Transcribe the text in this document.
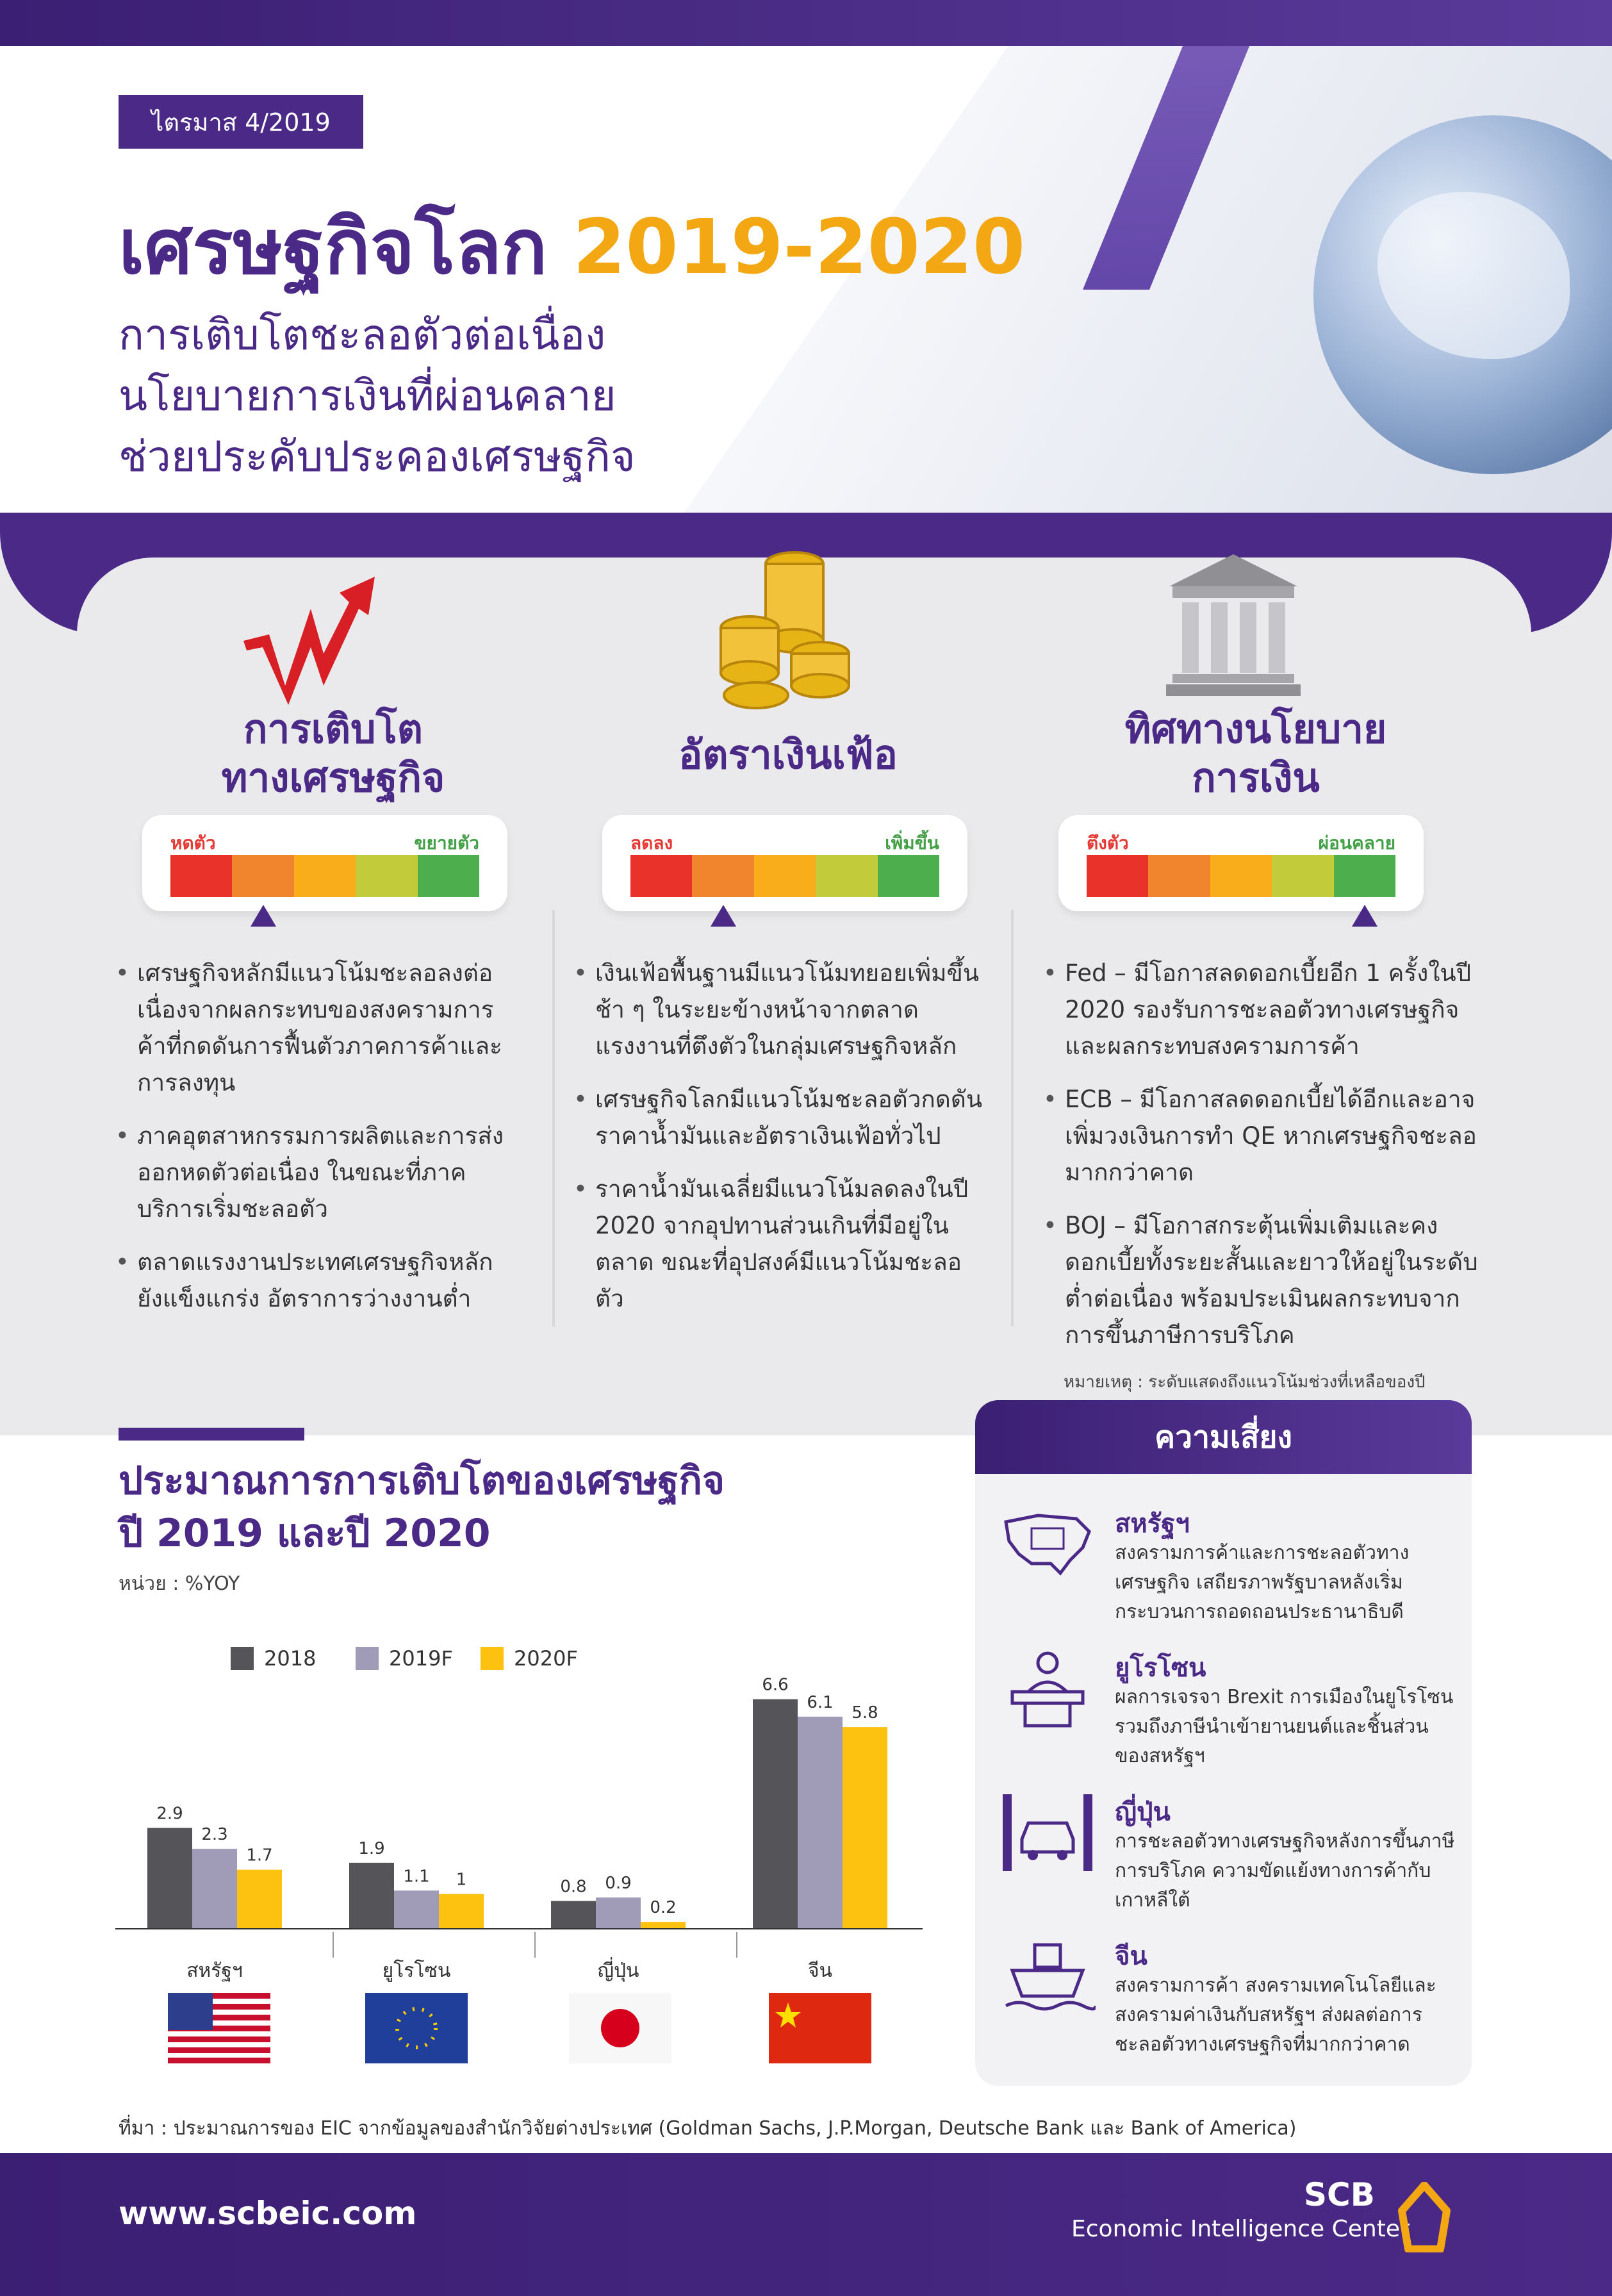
ไตรมาส 4/2019
เศรษฐกิจโลก 2019-2020
การเติบโตชะลอตัวต่อเนื่อง
นโยบายการเงินที่ผ่อนคลาย
ช่วยประคับประคองเศรษฐกิจ
การเติบโต
ทางเศรษฐกิจ	อัตราเงินเฟ้อ
ทิศทางนโยบาย
การเงิน
หดตัว	ขยายตัว	ลดลง	เพิ่มขึ้น	ตึงตัว	ผ่อนคลาย
• เศรษฐกิจหลักมีแนวโน้มชะลอลงต่อเนื่องจากผลกระทบของสงครามการค้าที่กดดันการฟื้นตัวภาคการค้าและการลงทุน
• ภาคอุตสาหกรรมการผลิตและการส่งออกหดตัวต่อเนื่อง ในขณะที่ภาคบริการเริ่มชะลอตัว
• ตลาดแรงงานประเทศเศรษฐกิจหลักยังแข็งแกร่ง อัตราการว่างงานต่ำ
• เงินเฟ้อพื้นฐานมีแนวโน้มทยอยเพิ่มขึ้นช้า ๆ ในระยะข้างหน้าจากตลาดแรงงานที่ตึงตัวในกลุ่มเศรษฐกิจหลัก
• เศรษฐกิจโลกมีแนวโน้มชะลอตัวกดดันราคาน้ำมันและอัตราเงินเฟ้อทั่วไป
• ราคาน้ำมันเฉลี่ยมีแนวโน้มลดลงในปี 2020 จากอุปทานส่วนเกินที่มีอยู่ในตลาด ขณะที่อุปสงค์มีแนวโน้มชะลอตัว
• Fed – มีโอกาสลดดอกเบี้ยอีก 1 ครั้งในปี 2020 รองรับการชะลอตัวทางเศรษฐกิจและผลกระทบสงครามการค้า
• ECB – มีโอกาสลดดอกเบี้ยได้อีกและอาจเพิ่มวงเงินการทำ QE หากเศรษฐกิจชะลอมากกว่าคาด
• BOJ – มีโอกาสกระตุ้นเพิ่มเติมและคงดอกเบี้ยทั้งระยะสั้นและยาวให้อยู่ในระดับต่ำต่อเนื่อง พร้อมประเมินผลกระทบจากการขึ้นภาษีการบริโภค
หมายเหตุ : ระดับแสดงถึงแนวโน้มช่วงที่เหลือของปี
ประมาณการการเติบโตของเศรษฐกิจ
ปี 2019 และปี 2020
หน่วย : %YOY
2018	2019F	2020F
2.9
2.3
1.7
สหรัฐฯ
1.9
1.1 1
ยูโรโซน
0.8 0.9
0.2
ญี่ปุ่น
6.6
6.1
5.8
จีน
ความเสี่ยง
สหรัฐฯ
สงครามการค้าและการชะลอตัวทางเศรษฐกิจ เสถียรภาพรัฐบาลหลังเริ่มกระบวนการถอดถอนประธานาธิบดี
ยูโรโซน
ผลการเจรจา Brexit การเมืองในยูโรโซน รวมถึงภาษีนำเข้ายานยนต์และชิ้นส่วนของสหรัฐฯ
ญี่ปุ่น
การชะลอตัวทางเศรษฐกิจหลังการขึ้นภาษีการบริโภค ความขัดแย้งทางการค้ากับเกาหลีใต้
จีน
สงครามการค้า สงครามเทคโนโลยีและสงครามค่าเงินกับสหรัฐฯ ส่งผลต่อการชะลอตัวทางเศรษฐกิจที่มากกว่าคาด
ที่มา : ประมาณการของ EIC จากข้อมูลของสำนักวิจัยต่างประเทศ (Goldman Sachs, J.P.Morgan, Deutsche Bank และ Bank of America)
www.scbeic.com	SCB
Economic Intelligence Center
